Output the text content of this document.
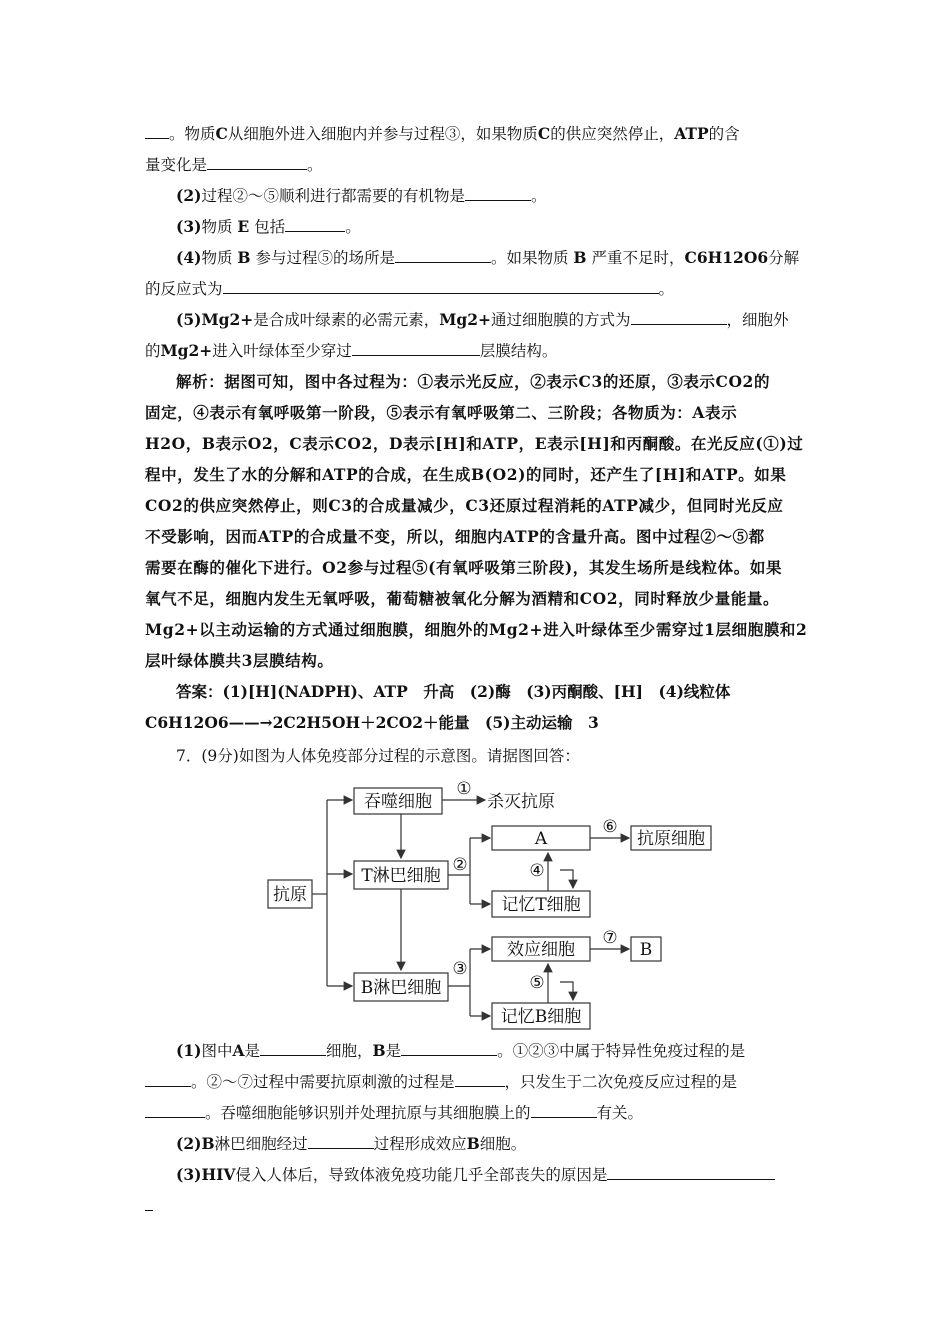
。物质C从细胞外进入细胞内并参与过程③，如果物质C的供应突然停止，ATP的含
量变化是	。
(2)过程②～⑤顺利进行都需要的有机物是	。
(3)物质 E 包括	。
(4)物质 B 参与过程⑤的场所是	。如果物质 B 严重不足时，C6H12O6分解
的反应式为	。
(5)Mg2+是合成叶绿素的必需元素，Mg2+通过细胞膜的方式为	，细胞外
的Mg2+进入叶绿体至少穿过	层膜结构。
解析：据图可知，图中各过程为：①表示光反应，②表示C3的还原，③表示CO2的
固定，④表示有氧呼吸第一阶段，⑤表示有氧呼吸第二、三阶段；各物质为：A表示
H2O，B表示O2，C表示CO2，D表示[H]和ATP，E表示[H]和丙酮酸。在光反应(①)过
程中，发生了水的分解和ATP的合成，在生成B(O2)的同时，还产生了[H]和ATP。如果
CO2的供应突然停止，则C3的合成量减少，C3还原过程消耗的ATP减少，但同时光反应
不受影响，因而ATP的合成量不变，所以，细胞内ATP的含量升高。图中过程②～⑤都
需要在酶的催化下进行。O2参与过程⑤(有氧呼吸第三阶段)，其发生场所是线粒体。如果
氧气不足，细胞内发生无氧呼吸，葡萄糖被氧化分解为酒精和CO2，同时释放少量能量。
Mg2+以主动运输的方式通过细胞膜，细胞外的Mg2+进入叶绿体至少需穿过1层细胞膜和2
层叶绿体膜共3层膜结构。
答案：(1)[H](NADPH)、ATP　升高　(2)酶　(3)丙酮酸、[H]　(4)线粒体
C6H12O6——→2C2H5OH＋2CO2＋能量　(5)主动运输　3
7．(9分)如图为人体免疫部分过程的示意图。请据图回答：
抗原
吞噬细胞
①
杀灭抗原
T淋巴细胞
②
A
⑥
抗原细胞
记忆T细胞
④
B淋巴细胞
③
效应细胞
⑦
B
记忆B细胞
⑤
(1)图中A是	细胞，B是	。①②③中属于特异性免疫过程的是
。②～⑦过程中需要抗原刺激的过程是	，只发生于二次免疫反应过程的是
。吞噬细胞能够识别并处理抗原与其细胞膜上的	有关。
(2)B淋巴细胞经过	过程形成效应B细胞。
(3)HIV侵入人体后，导致体液免疫功能几乎全部丧失的原因是
